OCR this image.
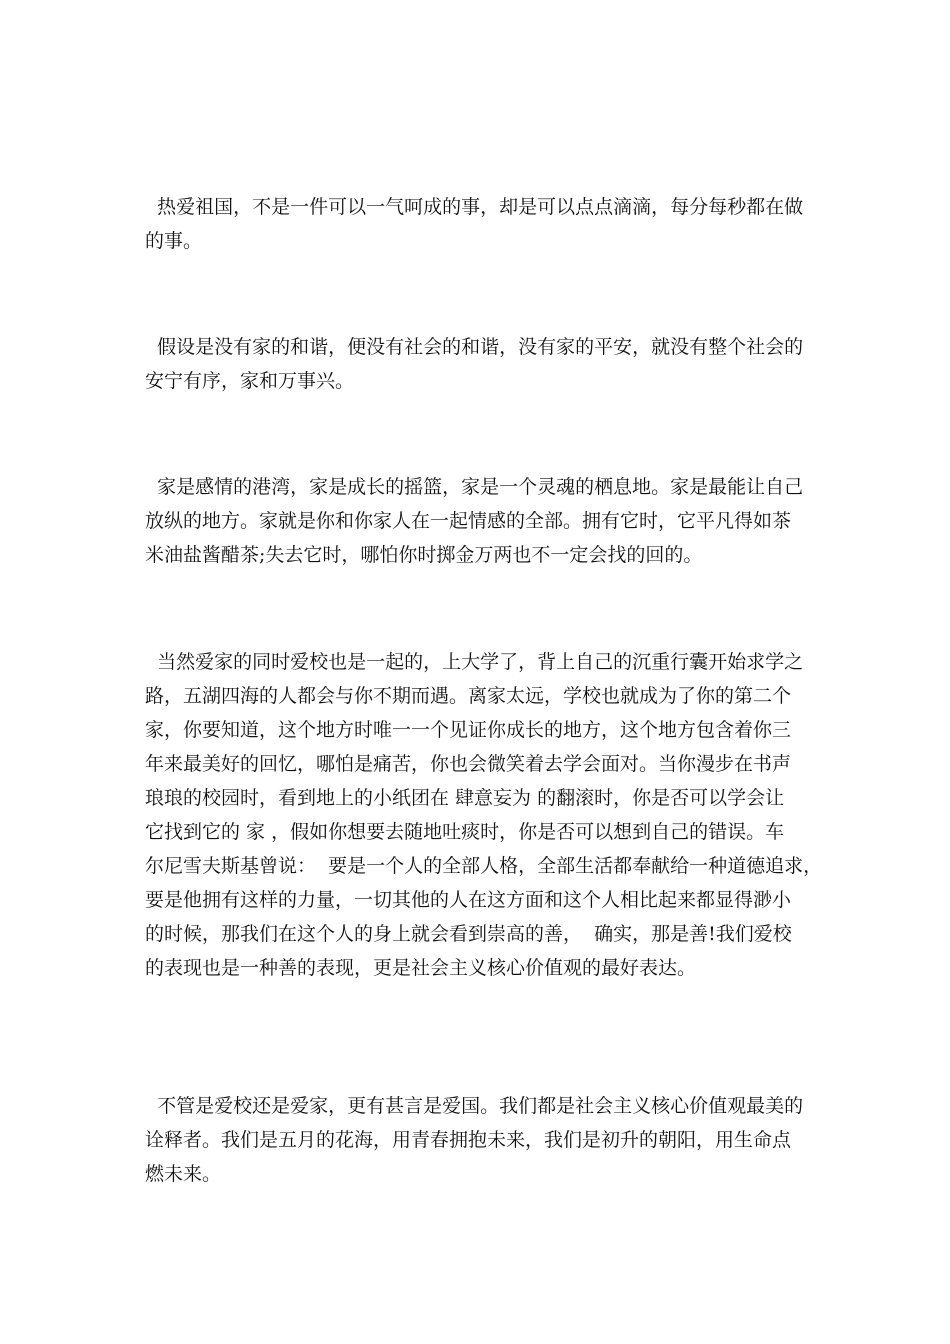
热爱祖国，不是一件可以一气呵成的事，却是可以点点滴滴，每分每秒都在做
的事。

假设是没有家的和谐，便没有社会的和谐，没有家的平安，就没有整个社会的
安宁有序，家和万事兴。

家是感情的港湾，家是成长的摇篮，家是一个灵魂的栖息地。家是最能让自己
放纵的地方。家就是你和你家人在一起情感的全部。拥有它时，它平凡得如茶
米油盐酱醋茶;失去它时，哪怕你时掷金万两也不一定会找的回的。

当然爱家的同时爱校也是一起的，上大学了，背上自己的沉重行囊开始求学之
路，五湖四海的人都会与你不期而遇。离家太远，学校也就成为了你的第二个
家，你要知道，这个地方时唯一一个见证你成长的地方，这个地方包含着你三
年来最美好的回忆，哪怕是痛苦，你也会微笑着去学会面对。当你漫步在书声
琅琅的校园时，看到地上的小纸团在 肆意妄为 的翻滚时，你是否可以学会让
它找到它的 家 ，假如你想要去随地吐痰时，你是否可以想到自己的错误。车
尔尼雪夫斯基曾说：  要是一个人的全部人格，全部生活都奉献给一种道德追求，
要是他拥有这样的力量，一切其他的人在这方面和这个人相比起来都显得渺小
的时候，那我们在这个人的身上就会看到崇高的善，  确实，那是善!我们爱校
的表现也是一种善的表现，更是社会主义核心价值观的最好表达。

不管是爱校还是爱家，更有甚言是爱国。我们都是社会主义核心价值观最美的
诠释者。我们是五月的花海，用青春拥抱未来，我们是初升的朝阳，用生命点
燃未来。
